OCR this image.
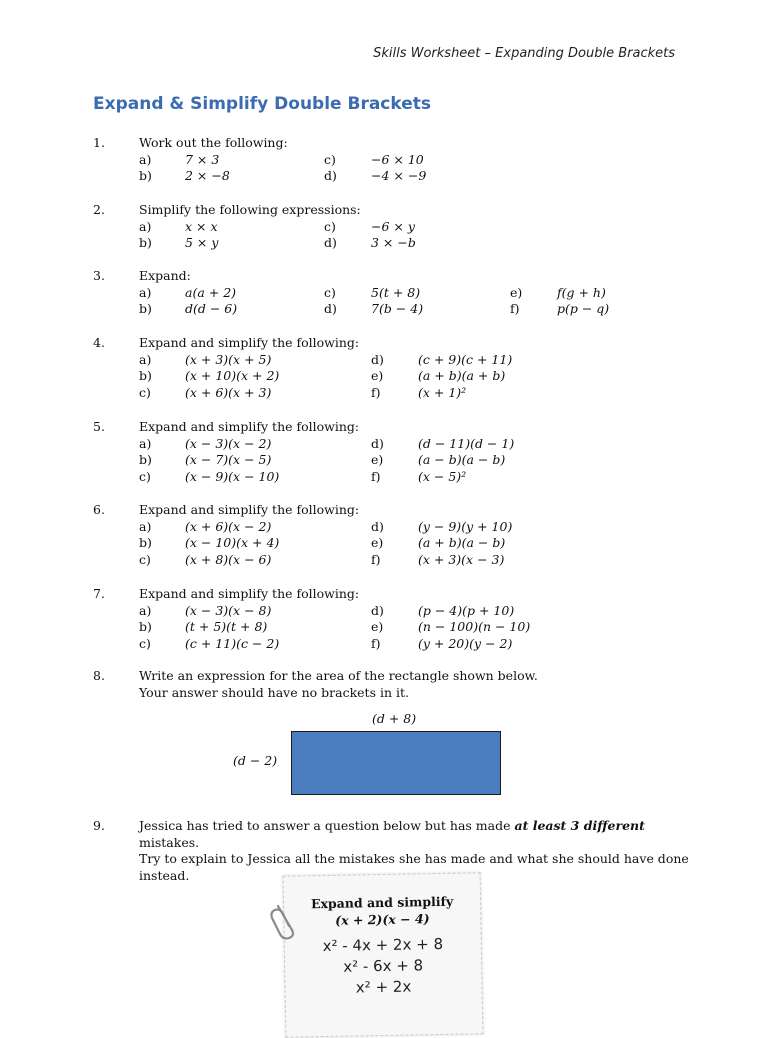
Skills Worksheet – Expanding Double Brackets
Expand & Simplify Double Brackets
1.	Work out the following:
a)	7 × 3
b)	2 × −8
c)	−6 × 10
d)	−4 × −9
2.	Simplify the following expressions:
a)	x × x
b)	5 × y
c)	−6 × y
d)	3 × −b
3.	Expand:
a)	a(a + 2)
b)	d(d − 6)
c)	5(t + 8)
d)	7(b − 4)
e)	f(g + h)
f)	p(p − q)
4.	Expand and simplify the following:
a)	(x + 3)(x + 5)
b)	(x + 10)(x + 2)
c)	(x + 6)(x + 3)
d)	(c + 9)(c + 11)
e)	(a + b)(a + b)
f)	(x + 1)²
5.	Expand and simplify the following:
a)	(x − 3)(x − 2)
b)	(x − 7)(x − 5)
c)	(x − 9)(x − 10)
d)	(d − 11)(d − 1)
e)	(a − b)(a − b)
f)	(x − 5)²
6.	Expand and simplify the following:
a)	(x + 6)(x − 2)
b)	(x − 10)(x + 4)
c)	(x + 8)(x − 6)
d)	(y − 9)(y + 10)
e)	(a + b)(a − b)
f)	(x + 3)(x − 3)
7.	Expand and simplify the following:
a)	(x − 3)(x − 8)
b)	(t + 5)(t + 8)
c)	(c + 11)(c − 2)
d)	(p − 4)(p + 10)
e)	(n − 100)(n − 10)
f)	(y + 20)(y − 2)
8.	Write an expression for the area of the rectangle shown below.
Your answer should have no brackets in it.
(d + 8)
(d − 2)
9.	Jessica has tried to answer a question below but has made at least 3 different mistakes.
Try to explain to Jessica all the mistakes she has made and what she should have done instead.
Expand and simplify
(x + 2)(x − 4)
x² - 4x + 2x + 8
x² - 6x + 8
x² + 2x
